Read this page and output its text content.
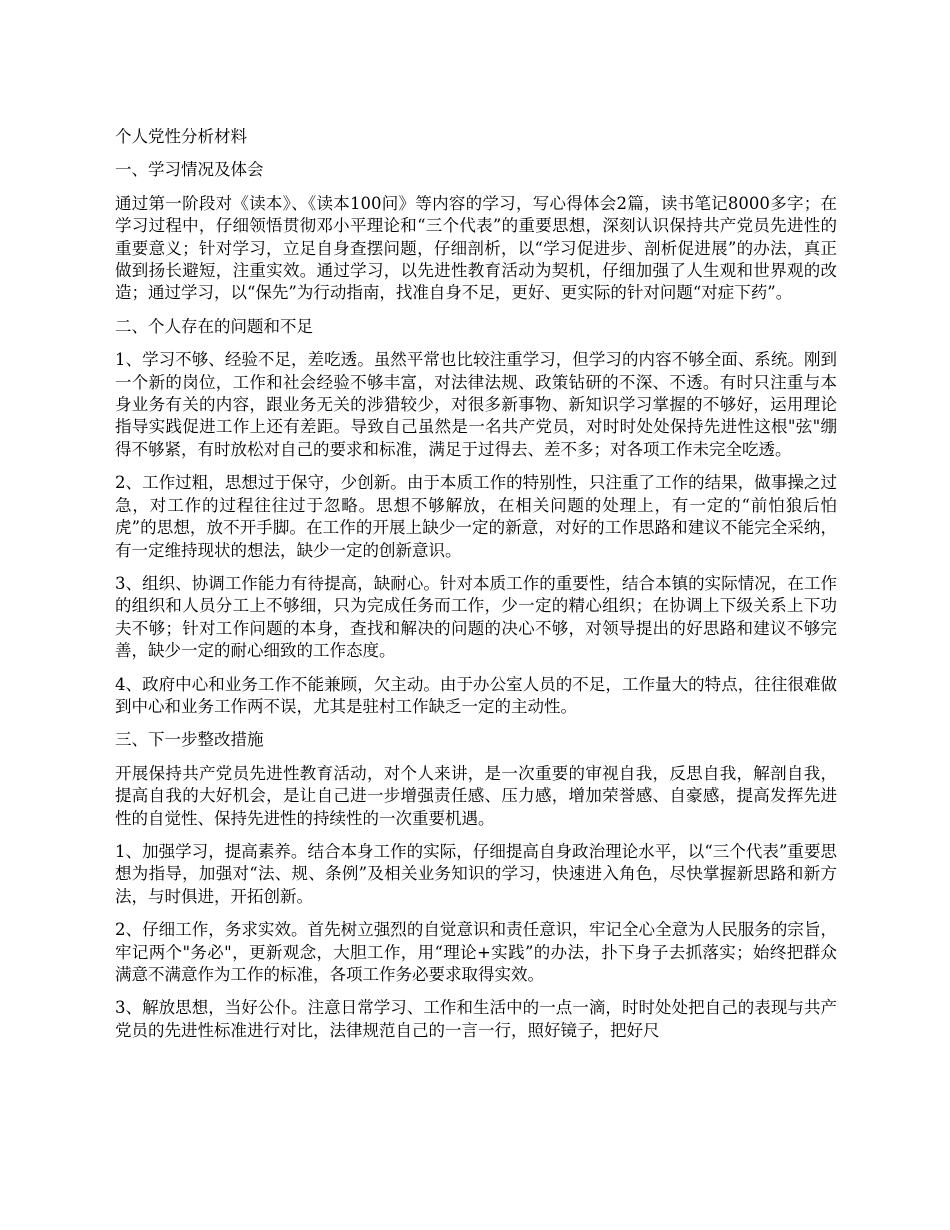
个人党性分析材料

一、学习情况及体会

通过第一阶段对《读本》、《读本100问》等内容的学习，写心得体会2篇，读书笔记8000多字；在学习过程中，仔细领悟贯彻邓小平理论和“三个代表”的重要思想，深刻认识保持共产党员先进性的重要意义；针对学习，立足自身查摆问题，仔细剖析，以“学习促进步、剖析促进展”的办法，真正做到扬长避短，注重实效。通过学习，以先进性教育活动为契机，仔细加强了人生观和世界观的改造；通过学习，以“保先”为行动指南，找准自身不足，更好、更实际的针对问题“对症下药”。

二、个人存在的问题和不足

1、学习不够、经验不足，差吃透。虽然平常也比较注重学习，但学习的内容不够全面、系统。刚到一个新的岗位，工作和社会经验不够丰富，对法律法规、政策钻研的不深、不透。有时只注重与本身业务有关的内容，跟业务无关的涉猎较少，对很多新事物、新知识学习掌握的不够好，运用理论指导实践促进工作上还有差距。导致自己虽然是一名共产党员，对时时处处保持先进性这根"弦"绷得不够紧，有时放松对自己的要求和标准，满足于过得去、差不多；对各项工作未完全吃透。

2、工作过粗，思想过于保守，少创新。由于本质工作的特别性，只注重了工作的结果，做事操之过急，对工作的过程往往过于忽略。思想不够解放，在相关问题的处理上，有一定的“前怕狼后怕虎”的思想，放不开手脚。在工作的开展上缺少一定的新意，对好的工作思路和建议不能完全采纳，有一定维持现状的想法，缺少一定的创新意识。

3、组织、协调工作能力有待提高，缺耐心。针对本质工作的重要性，结合本镇的实际情况，在工作的组织和人员分工上不够细，只为完成任务而工作，少一定的精心组织；在协调上下级关系上下功夫不够；针对工作问题的本身，查找和解决的问题的决心不够，对领导提出的好思路和建议不够完善，缺少一定的耐心细致的工作态度。

4、政府中心和业务工作不能兼顾，欠主动。由于办公室人员的不足，工作量大的特点，往往很难做到中心和业务工作两不误，尤其是驻村工作缺乏一定的主动性。

三、下一步整改措施

开展保持共产党员先进性教育活动，对个人来讲，是一次重要的审视自我，反思自我，解剖自我，提高自我的大好机会，是让自己进一步增强责任感、压力感，增加荣誉感、自豪感，提高发挥先进性的自觉性、保持先进性的持续性的一次重要机遇。

1、加强学习，提高素养。结合本身工作的实际，仔细提高自身政治理论水平，以“三个代表”重要思想为指导，加强对“法、规、条例”及相关业务知识的学习，快速进入角色，尽快掌握新思路和新方法，与时俱进，开拓创新。

2、仔细工作，务求实效。首先树立强烈的自觉意识和责任意识，牢记全心全意为人民服务的宗旨，牢记两个"务必"，更新观念，大胆工作，用“理论+实践”的办法，扑下身子去抓落实；始终把群众满意不满意作为工作的标准，各项工作务必要求取得实效。

3、解放思想，当好公仆。注意日常学习、工作和生活中的一点一滴，时时处处把自己的表现与共产党员的先进性标准进行对比，法律规范自己的一言一行，照好镜子，把好尺
